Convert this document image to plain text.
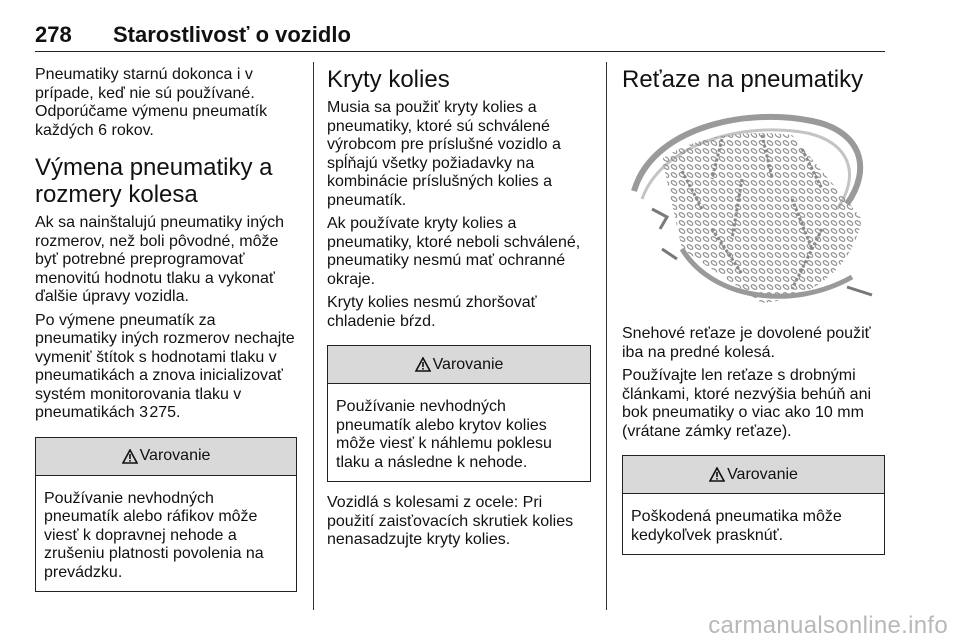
278 Starostlivosť o vozidlo

Pneumatiky starnú dokonca i v prípade, keď nie sú používané. Odporúčame výmenu pneumatík každých 6 rokov.

Výmena pneumatiky a rozmery kolesa

Ak sa nainštalujú pneumatiky iných rozmerov, než boli pôvodné, môže byť potrebné preprogramovať menovitú hodnotu tlaku a vykonať ďalšie úpravy vozidla.

Po výmene pneumatík za pneumatiky iných rozmerov nechajte vymeniť štítok s hodnotami tlaku v pneumatikách a znova inicializovať systém monitorovania tlaku v pneumatikách 3 275.

Varovanie
Používanie nevhodných pneumatík alebo ráfikov môže viesť k dopravnej nehode a zrušeniu platnosti povolenia na prevádzku.
Kryty kolies

Musia sa použiť kryty kolies a pneumatiky, ktoré sú schválené výrobcom pre príslušné vozidlo a spĺňajú všetky požiadavky na kombinácie príslušných kolies a pneumatík.

Ak používate kryty kolies a pneumatiky, ktoré neboli schválené, pneumatiky nesmú mať ochranné okraje.

Kryty kolies nesmú zhoršovať chladenie bŕzd.

Varovanie
Používanie nevhodných pneumatík alebo krytov kolies môže viesť k náhlemu poklesu tlaku a následne k nehode.

Vozidlá s kolesami z ocele: Pri použití zaisťovacích skrutiek kolies nenasadzujte kryty kolies.

Reťaze na pneumatiky

Snehové reťaze je dovolené použiť iba na predné kolesá.

Používajte len reťaze s drobnými článkami, ktoré nezvýšia behúň ani bok pneumatiky o viac ako 10 mm (vrátane zámky reťaze).

Varovanie
Poškodená pneumatika môže kedykoľvek prasknúť.
carmanualsonline.info
